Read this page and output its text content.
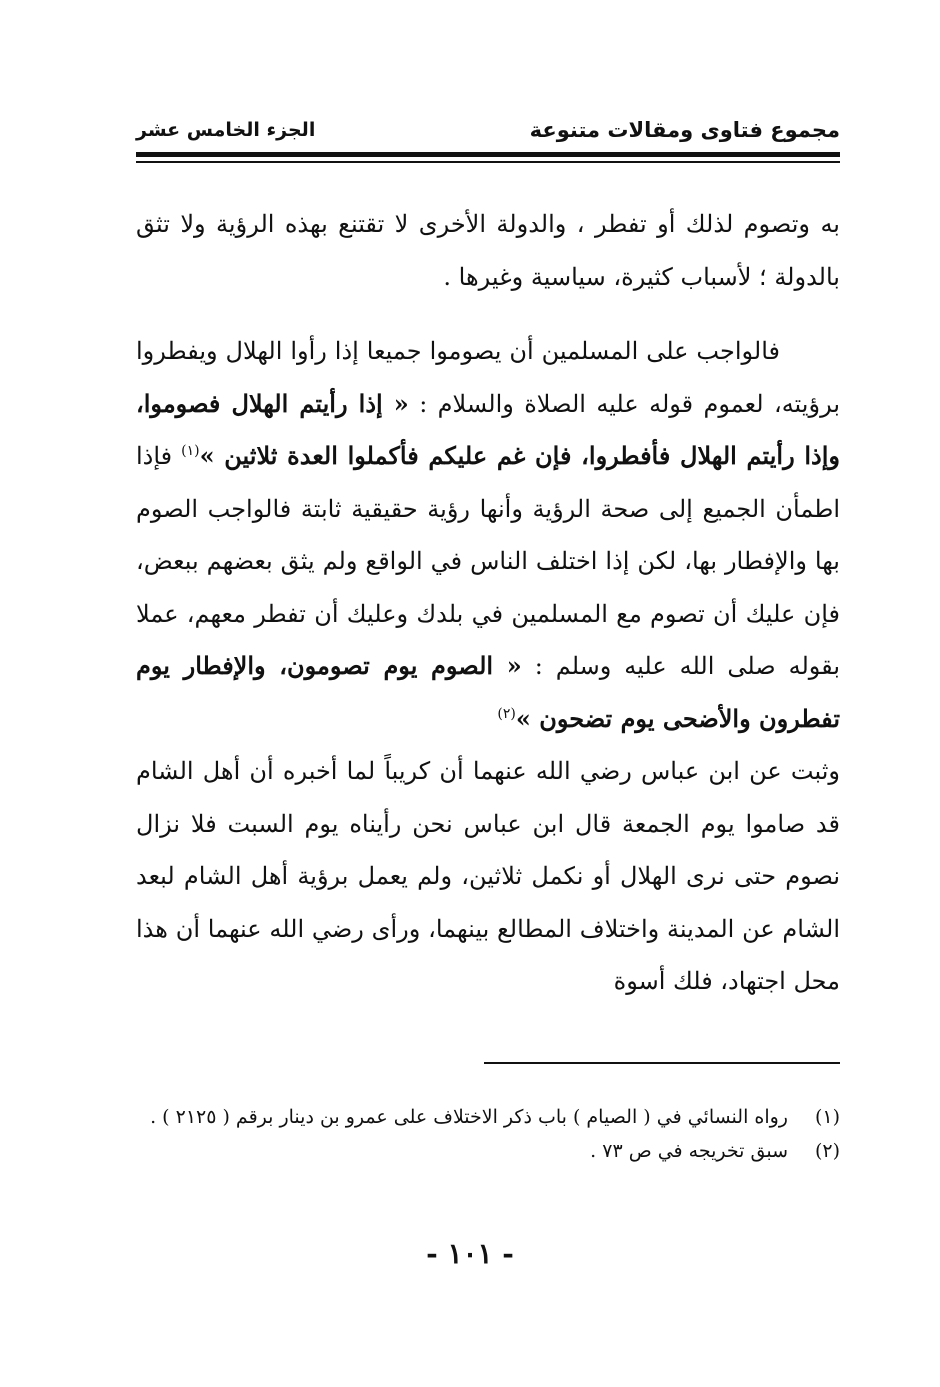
مجموع فتاوى ومقالات متنوعة
الجزء الخامس عشر

به وتصوم لذلك أو تفطر ، والدولة الأخرى لا تقتنع بهذه الرؤية ولا تثق بالدولة ؛ لأسباب كثيرة، سياسية وغيرها .

فالواجب على المسلمين أن يصوموا جميعا إذا رأوا الهلال ويفطروا برؤيته، لعموم قوله عليه الصلاة والسلام : « إذا رأيتم الهلال فصوموا، وإذا رأيتم الهلال فأفطروا، فإن غم عليكم فأكملوا العدة ثلاثين »$^{(١)}$ فإذا اطمأن الجميع إلى صحة الرؤية وأنها رؤية حقيقية ثابتة فالواجب الصوم بها والإفطار بها، لكن إذا اختلف الناس في الواقع ولم يثق بعضهم ببعض، فإن عليك أن تصوم مع المسلمين في بلدك وعليك أن تفطر معهم، عملا بقوله صلى الله عليه وسلم : « الصوم يوم تصومون، والإفطار يوم تفطرون والأضحى يوم تضحون »$^{(٢)}$

وثبت عن ابن عباس رضي الله عنهما أن كريباً لما أخبره أن أهل الشام قد صاموا يوم الجمعة قال ابن عباس نحن رأيناه يوم السبت فلا نزال نصوم حتى نرى الهلال أو نكمل ثلاثين، ولم يعمل برؤية أهل الشام لبعد الشام عن المدينة واختلاف المطالع بينهما، ورأى رضي الله عنهما أن هذا محل اجتهاد، فلك أسوة

(١)
رواه النسائي في ( الصيام ) باب ذكر الاختلاف على عمرو بن دينار برقم ( ٢١٢٥ ) .
(٢)
سبق تخريجه في ص ٧٣ .
- ١٠١ -
